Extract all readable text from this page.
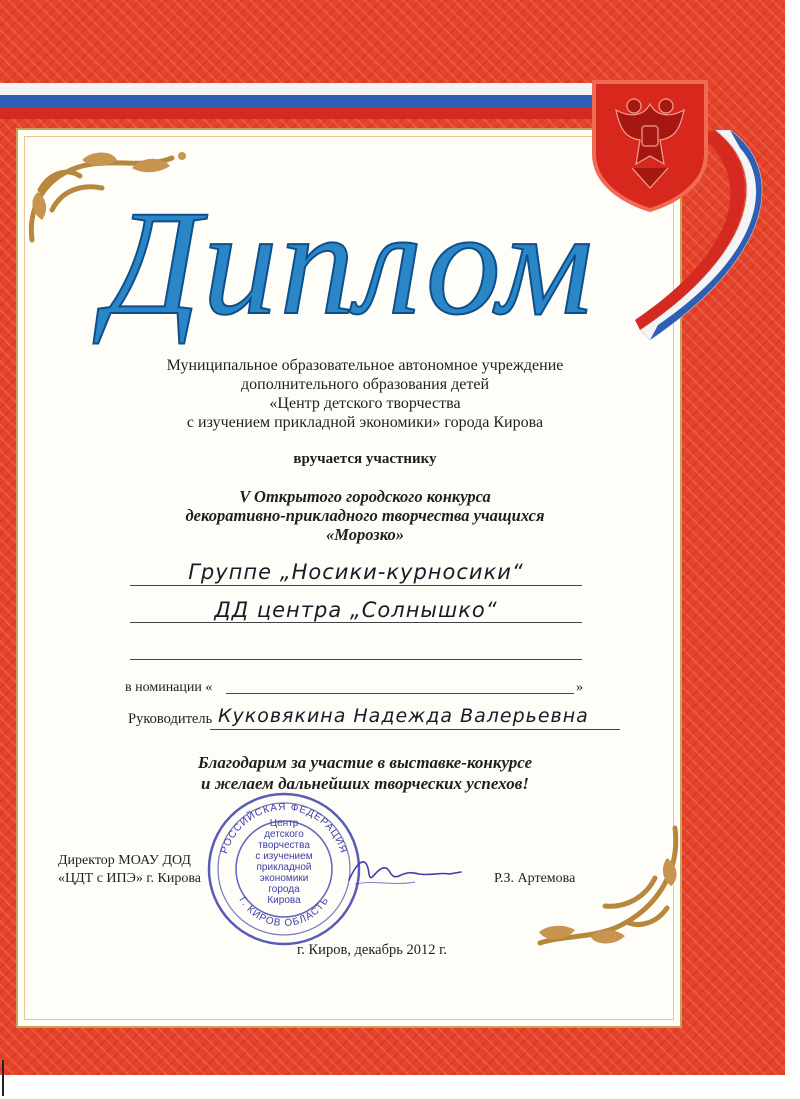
Диплом
Муниципальное образовательное автономное учреждение
дополнительного образования детей
«Центр детского творчества
с изучением прикладной экономики» города Кирова
вручается участнику
V Открытого городского конкурса
декоративно-прикладного творчества учащихся
«Морозко»
Группе „Носики-курносики“
ДД центра „Солнышко“
в номинации «	»
Руководитель Куковякина Надежда Валерьевна
Благодарим за участие в выставке-конкурсе
и желаем дальнейших творческих успехов!
РОССИЙСКАЯ ФЕДЕРАЦИЯ
Г. КИРОВ ОБЛАСТЬ
Центр
детского
творчества
с изучением
прикладной
экономики
города
Кирова
Директор МОАУ ДОД
«ЦДТ с ИПЭ» г. Кирова	Р.З. Артемова
г. Киров, декабрь 2012 г.
